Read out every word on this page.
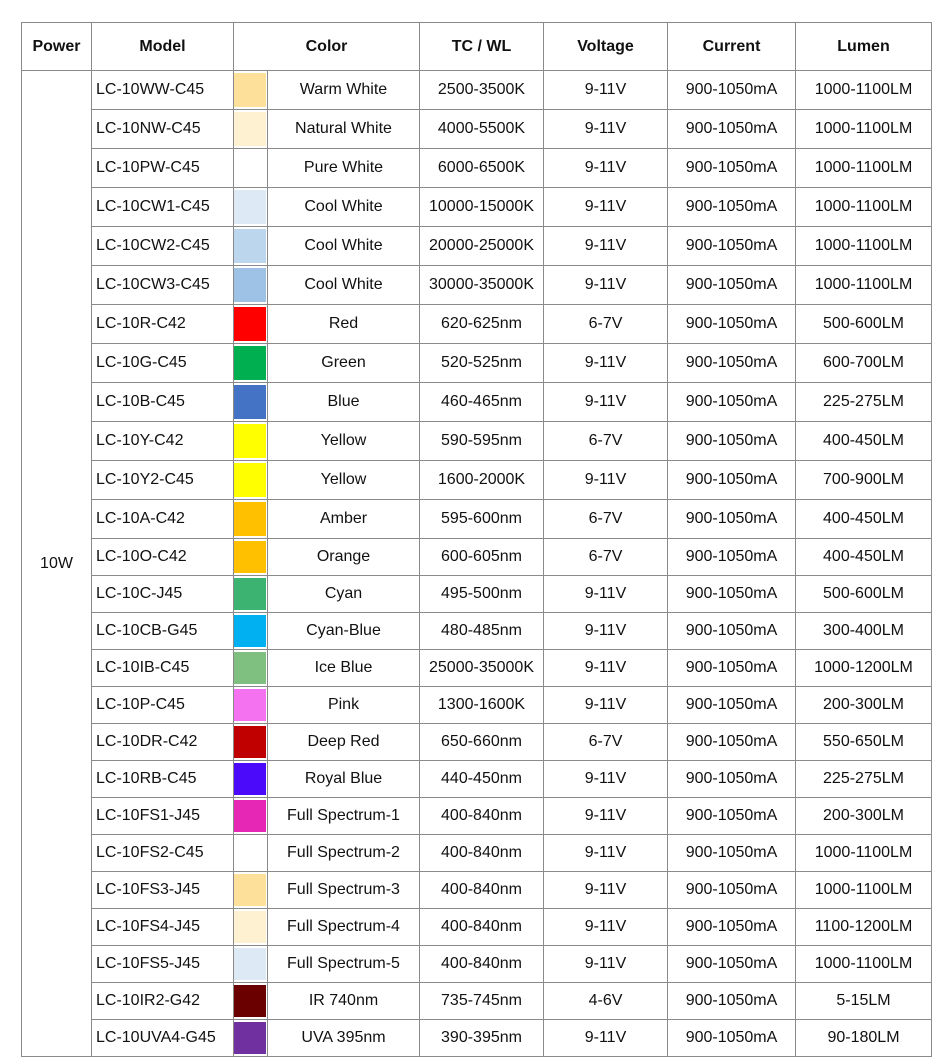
Power	Model	Color		TC / WL	Voltage	Current	Lumen
10W	LC-10WW-C45		Warm White	2500-3500K	9-11V	900-1050mA	1000-1100LM
	LC-10NW-C45		Natural White	4000-5500K	9-11V	900-1050mA	1000-1100LM
	LC-10PW-C45		Pure White	6000-6500K	9-11V	900-1050mA	1000-1100LM
	LC-10CW1-C45		Cool White	10000-15000K	9-11V	900-1050mA	1000-1100LM
	LC-10CW2-C45		Cool White	20000-25000K	9-11V	900-1050mA	1000-1100LM
	LC-10CW3-C45		Cool White	30000-35000K	9-11V	900-1050mA	1000-1100LM
	LC-10R-C42		Red	620-625nm	6-7V	900-1050mA	500-600LM
	LC-10G-C45		Green	520-525nm	9-11V	900-1050mA	600-700LM
	LC-10B-C45		Blue	460-465nm	9-11V	900-1050mA	225-275LM
	LC-10Y-C42		Yellow	590-595nm	6-7V	900-1050mA	400-450LM
	LC-10Y2-C45		Yellow	1600-2000K	9-11V	900-1050mA	700-900LM
	LC-10A-C42		Amber	595-600nm	6-7V	900-1050mA	400-450LM
	LC-10O-C42		Orange	600-605nm	6-7V	900-1050mA	400-450LM
	LC-10C-J45		Cyan	495-500nm	9-11V	900-1050mA	500-600LM
	LC-10CB-G45		Cyan-Blue	480-485nm	9-11V	900-1050mA	300-400LM
	LC-10IB-C45		Ice Blue	25000-35000K	9-11V	900-1050mA	1000-1200LM
	LC-10P-C45		Pink	1300-1600K	9-11V	900-1050mA	200-300LM
	LC-10DR-C42		Deep Red	650-660nm	6-7V	900-1050mA	550-650LM
	LC-10RB-C45		Royal Blue	440-450nm	9-11V	900-1050mA	225-275LM
	LC-10FS1-J45		Full Spectrum-1	400-840nm	9-11V	900-1050mA	200-300LM
	LC-10FS2-C45		Full Spectrum-2	400-840nm	9-11V	900-1050mA	1000-1100LM
	LC-10FS3-J45		Full Spectrum-3	400-840nm	9-11V	900-1050mA	1000-1100LM
	LC-10FS4-J45		Full Spectrum-4	400-840nm	9-11V	900-1050mA	1100-1200LM
	LC-10FS5-J45		Full Spectrum-5	400-840nm	9-11V	900-1050mA	1000-1100LM
	LC-10IR2-G42		IR 740nm	735-745nm	4-6V	900-1050mA	5-15LM
	LC-10UVA4-G45		UVA 395nm	390-395nm	9-11V	900-1050mA	90-180LM
